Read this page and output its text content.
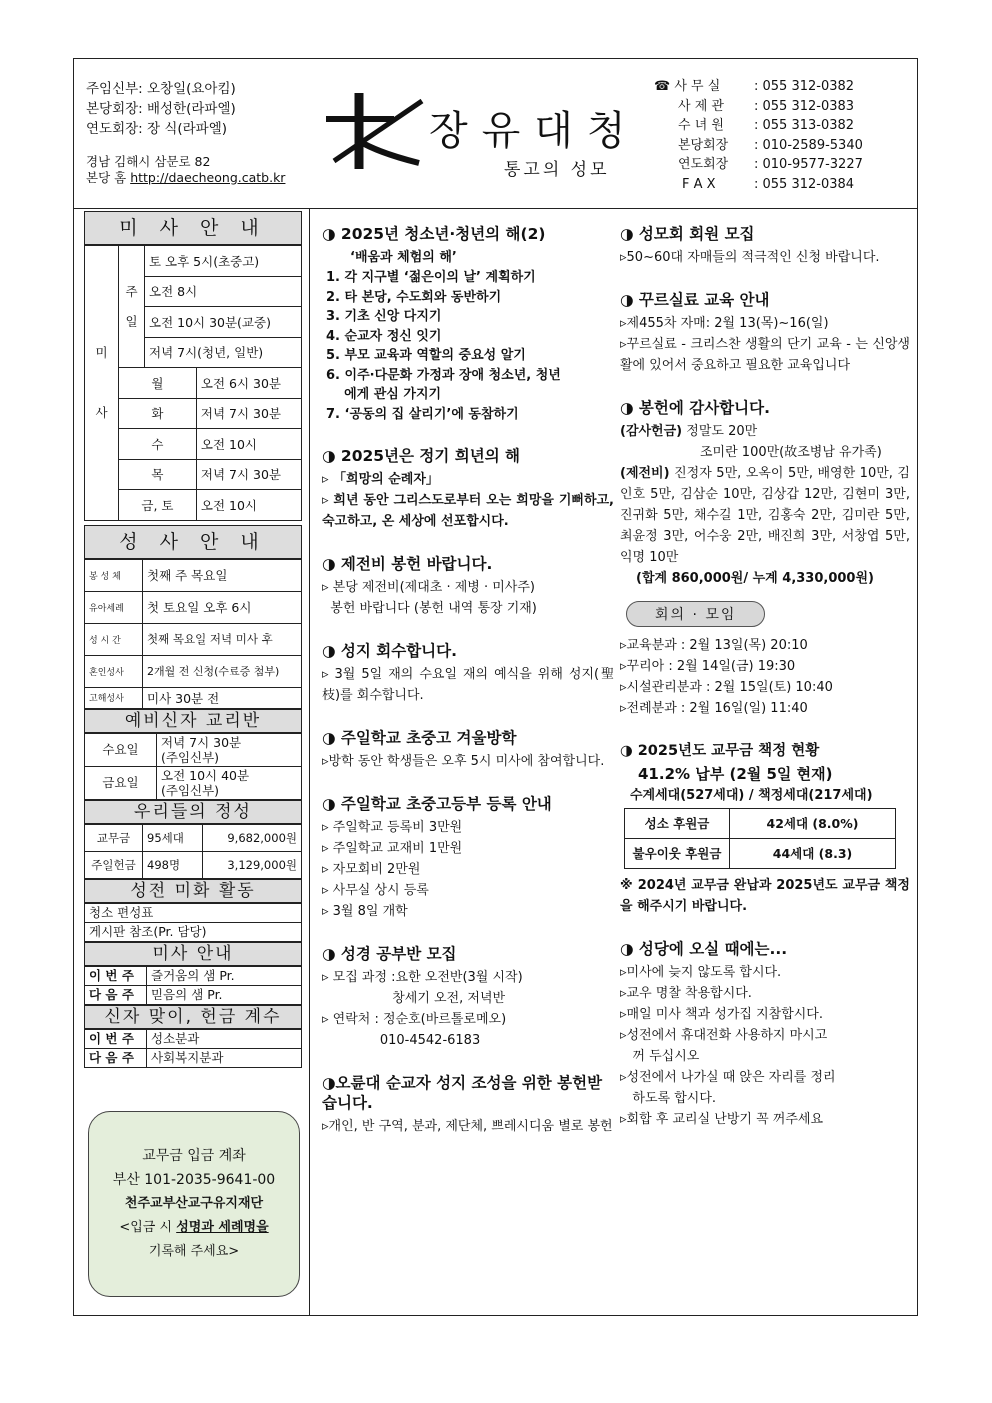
주임신부: 오창일(요아킴)
본당회장: 배성한(라파엘)
연도회장: 장 식(라파엘)
경남 김해시 삼문로 82
본당 홈 http://daecheong.catb.kr
장유대청
통고의 성모
☎ 사 무 실	: 055 312-0382
사 제 관	: 055 312-0383
수 녀 원	: 055 313-0382
본당회장	: 010-2589-5340
연도회장	: 010-9577-3227
F A X	: 055 312-0384
미 사 안 내
미
사	주
일	토 오후 5시(초중고)	
		오전 8시	
		오전 10시 30분(교중)	
		저녁 7시(청년, 일반)	
	월		오전 6시 30분
	화		저녁 7시 30분
	수		오전 10시
	목		저녁 7시 30분
	금, 토		오전 10시
성 사 안 내
봉 성 체	첫째 주 목요일
유아세례	첫 토요일 오후 6시
성 시 간	첫째 목요일 저녁 미사 후
혼인성사	2개월 전 신청(수료증 첨부)
고해성사	미사 30분 전
예비신자 교리반
수요일	저녁 7시 30분
(주임신부)

금요일	오전 10시 40분
(주임신부)
우리들의 정성
교무금	95세대	9,682,000원
주일헌금	498명	3,129,000원
성전 미화 활동
청소 편성표
게시판 참조(Pr. 담당)
미사 안내
이 번 주	즐거움의 샘 Pr.
다 음 주	믿음의 샘 Pr.
신자 맞이, 헌금 계수
이 번 주	성소분과
다 음 주	사회복지분과
교무금 입금 계좌
부산 101-2035-9641-00
천주교부산교구유지재단
<입금 시 성명과 세례명을
기록해 주세요>
◑ 2025년 청소년·청년의 해(2)
‘배움과 체험의 해’
1. 각 지구별 ‘젊은이의 날’ 계획하기
2. 타 본당, 수도회와 동반하기
3. 기초 신앙 다지기
4. 순교자 정신 잇기
5. 부모 교육과 역할의 중요성 알기
6. 이주·다문화 가정과 장애 청소년, 청년
에게 관심 가지기
7. ‘공동의 집 살리기’에 동참하기
◑ 2025년은 정기 희년의 해
▹ 「희망의 순례자」
▹ 희년 동안 그리스도로부터 오는 희망을 기뻐하고, 숙고하고, 온 세상에 선포합시다.
◑ 제전비 봉헌 바랍니다.
▹ 본당 제전비(제대초 · 제병 · 미사주)
봉헌 바랍니다 (봉헌 내역 통장 기재)
◑ 성지 회수합니다.
▹ 3월 5일 재의 수요일 재의 예식을 위해 성지(聖枝)를 회수합니다.
◑ 주일학교 초중고 겨울방학
▹방학 동안 학생들은 오후 5시 미사에 참여합니다.
◑ 주일학교 초중고등부 등록 안내
▹ 주일학교 등록비 3만원
▹ 주일학교 교재비 1만원
▹ 자모회비 2만원
▹ 사무실 상시 등록
▹ 3월 8일 개학
◑ 성경 공부반 모집
▹ 모집 과정 :요한 오전반(3월 시작)
창세기 오전, 저녁반
▹ 연락처 : 정순호(바르톨로메오)
010-4542-6183
◑오륜대 순교자 성지 조성을 위한 봉헌받습니다.
▹개인, 반 구역, 분과, 제단체, 쁘레시디움 별로 봉헌
◑ 성모회 회원 모집
▹50~60대 자매들의 적극적인 신청 바랍니다.
◑ 꾸르실료 교육 안내
▹제455차 자매: 2월 13(목)~16(일)
▹꾸르실료 - 크리스찬 생활의 단기 교육 - 는 신앙생활에 있어서 중요하고 필요한 교육입니다
◑ 봉헌에 감사합니다.
(감사헌금) 정말도 20만
조미란 100만(故조병남 유가족)
(제전비) 진정자 5만, 오옥이 5만, 배영한 10만, 김인호 5만, 김삼순 10만, 김상갑 12만, 김현미 3만, 진귀화 5만, 채수길 1만, 김홍숙 2만, 김미란 5만, 최윤정 3만, 어수웅 2만, 배진희 3만, 서창엽 5만, 익명 10만
(합계 860,000원/ 누계 4,330,000원)
회의 · 모임
▹교육분과 : 2월 13일(목) 20:10
▹꾸리아 : 2월 14일(금) 19:30
▹시설관리분과 : 2월 15일(토) 10:40
▹전례분과 : 2월 16일(일) 11:40
◑ 2025년도 교무금 책정 현황
41.2% 납부 (2월 5일 현재)
수계세대(527세대) / 책정세대(217세대)
성소 후원금	42세대 (8.0%)
불우이웃 후원금	44세대 (8.3)
※ 2024년 교무금 완납과 2025년도 교무금 책정을 해주시기 바랍니다.
◑ 성당에 오실 때에는...
▹미사에 늦지 않도록 합시다.
▹교우 명찰 착용합시다.
▹매일 미사 책과 성가집 지참합시다.
▹성전에서 휴대전화 사용하지 마시고
꺼 두십시오
▹성전에서 나가실 때 앉은 자리를 정리
하도록 합시다.
▹회합 후 교리실 난방기 꼭 꺼주세요
